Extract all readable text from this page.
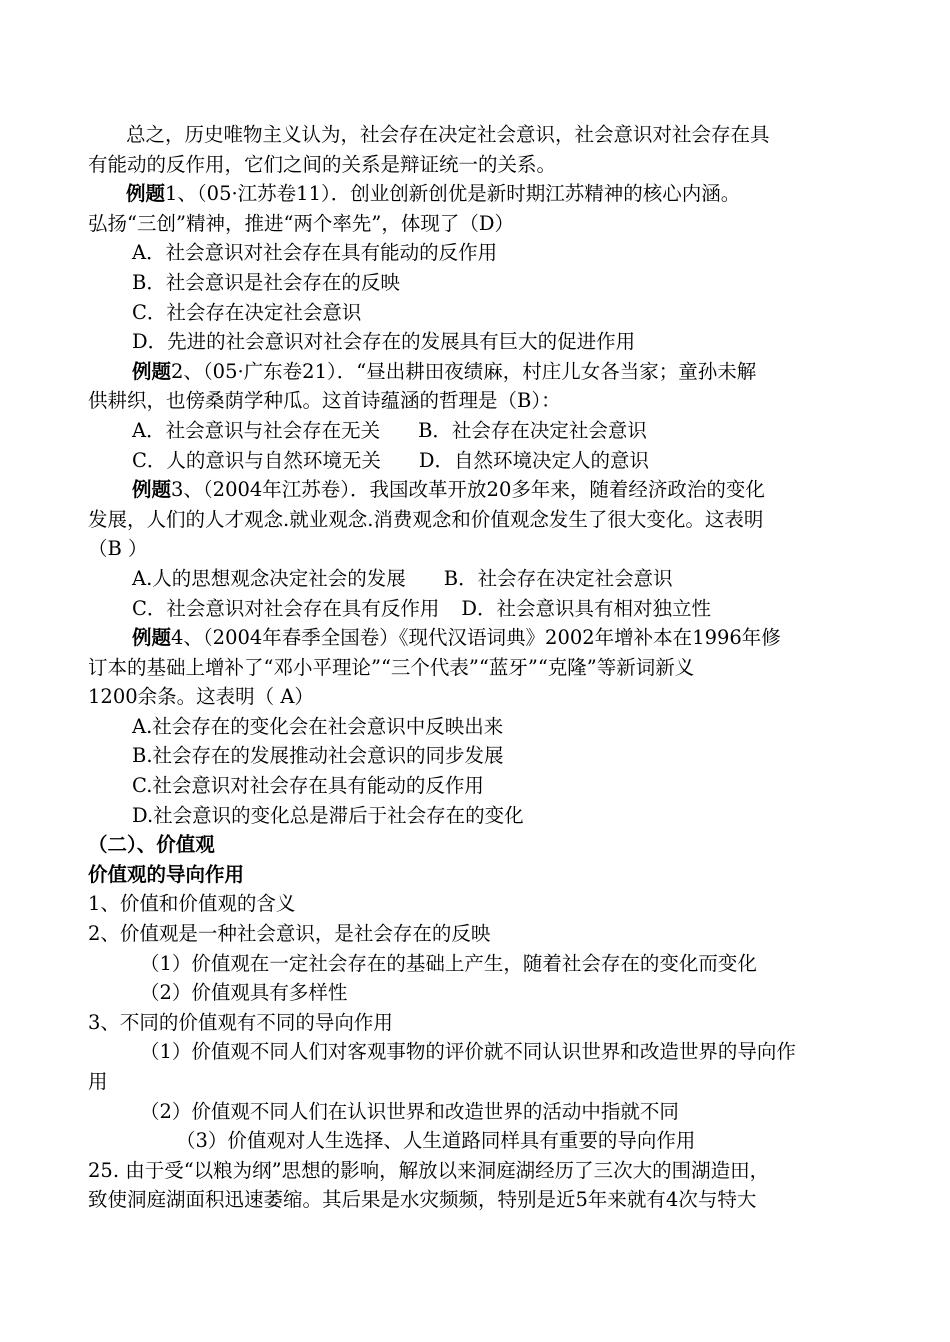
总之，历史唯物主义认为，社会存在决定社会意识，社会意识对社会存在具
有能动的反作用，它们之间的关系是辩证统一的关系。
例题1、（05·江苏卷11）．创业创新创优是新时期江苏精神的核心内涵。
弘扬“三创”精神，推进“两个率先”，体现了（D）
A．社会意识对社会存在具有能动的反作用
B．社会意识是社会存在的反映
C．社会存在决定社会意识
D．先进的社会意识对社会存在的发展具有巨大的促进作用
例题2、（05·广东卷21）．“昼出耕田夜绩麻，村庄儿女各当家；童孙未解
供耕织，也傍桑荫学种瓜。这首诗蕴涵的哲理是（B）：
A．社会意识与社会存在无关 B．社会存在决定社会意识
C．人的意识与自然环境无关 D．自然环境决定人的意识
例题3、（2004年江苏卷）．我国改革开放20多年来，随着经济政治的变化
发展，人们的人才观念.就业观念.消费观念和价值观念发生了很大变化。这表明
（B ）
A.人的思想观念决定社会的发展 B．社会存在决定社会意识
C．社会意识对社会存在具有反作用 D．社会意识具有相对独立性
例题4、（2004年春季全国卷）《现代汉语词典》2002年增补本在1996年修
订本的基础上增补了“邓小平理论”“三个代表”“蓝牙”“克隆”等新词新义
1200余条。这表明（ A）
A.社会存在的变化会在社会意识中反映出来
B.社会存在的发展推动社会意识的同步发展
C.社会意识对社会存在具有能动的反作用
D.社会意识的变化总是滞后于社会存在的变化
（二）、价值观
价值观的导向作用
1、价值和价值观的含义
2、价值观是一种社会意识，是社会存在的反映
（1）价值观在一定社会存在的基础上产生，随着社会存在的变化而变化
（2）价值观具有多样性
3、不同的价值观有不同的导向作用
（1）价值观不同人们对客观事物的评价就不同认识世界和改造世界的导向作
用
（2）价值观不同人们在认识世界和改造世界的活动中指就不同
（3）价值观对人生选择、人生道路同样具有重要的导向作用
25. 由于受“以粮为纲”思想的影响，解放以来洞庭湖经历了三次大的围湖造田，
致使洞庭湖面积迅速萎缩。其后果是水灾频频，特别是近5年来就有4次与特大
